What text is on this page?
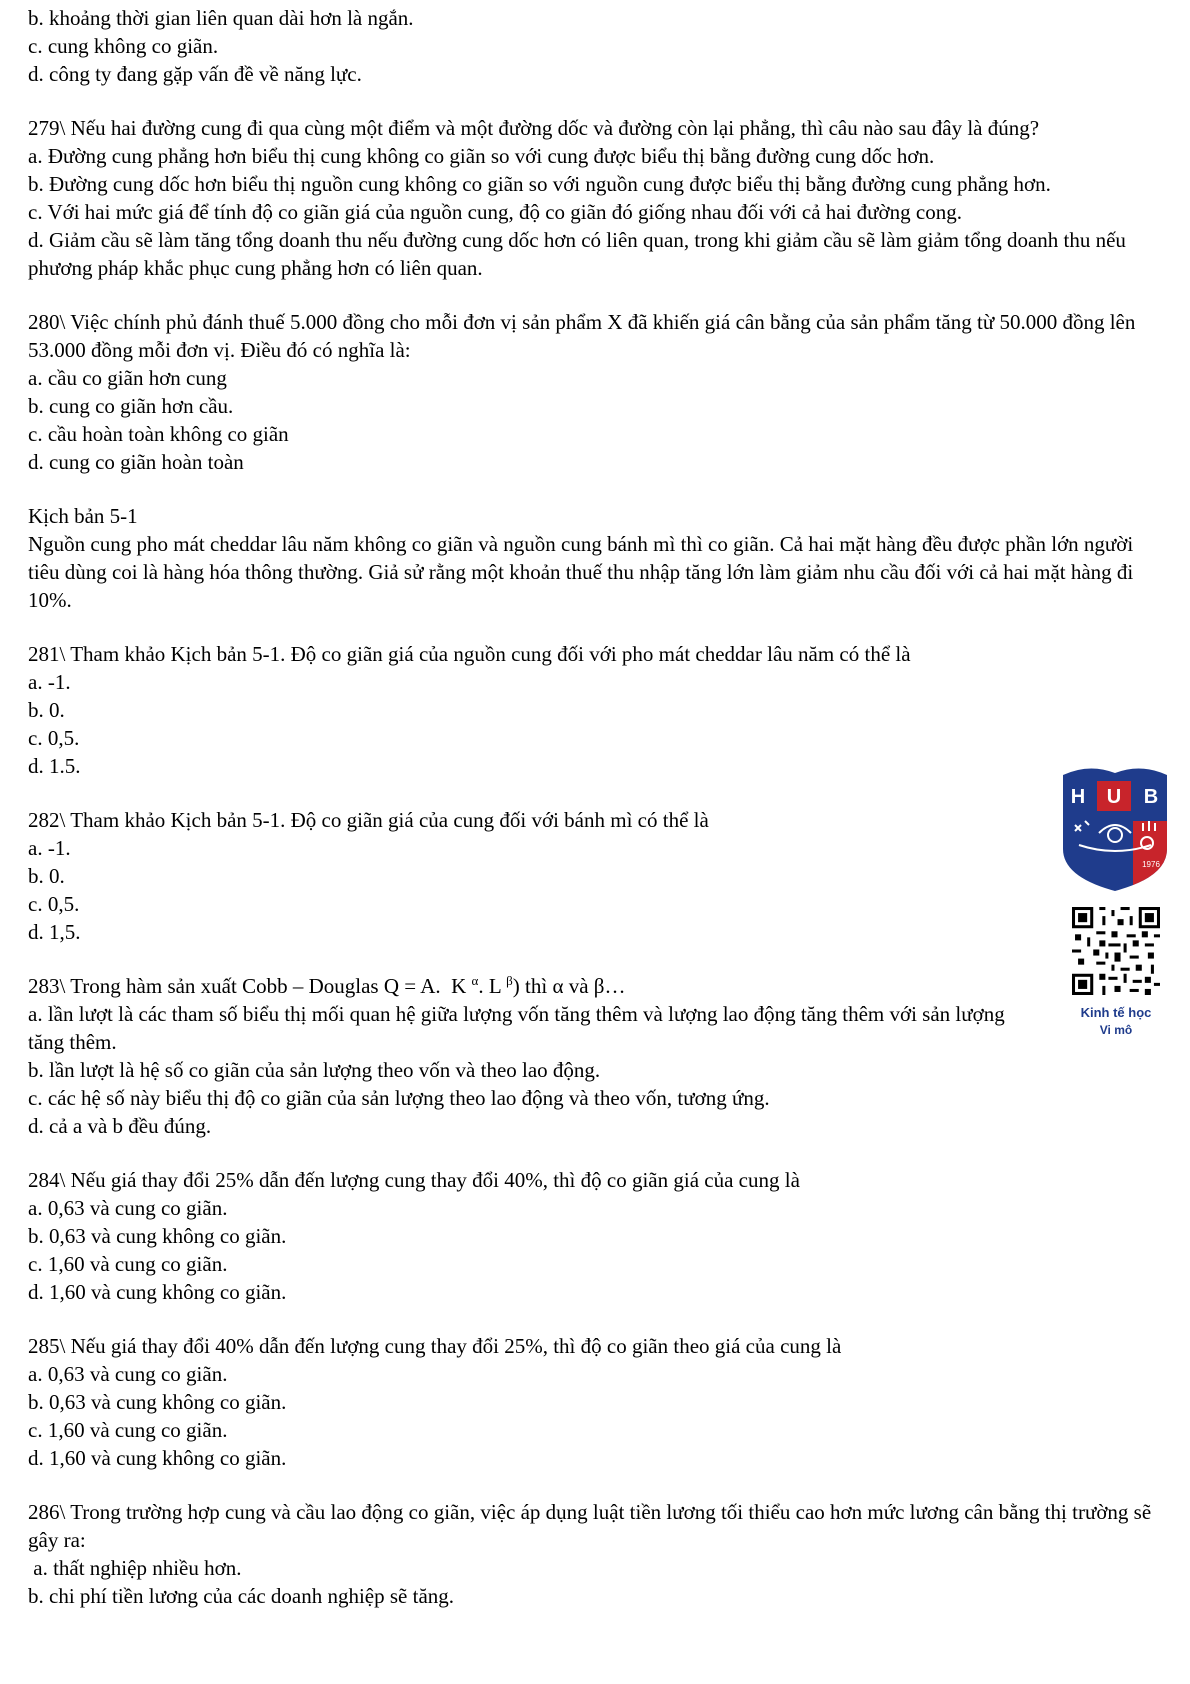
b. khoảng thời gian liên quan dài hơn là ngắn.

c. cung không co giãn.

d. công ty đang gặp vấn đề về năng lực.

279\ Nếu hai đường cung đi qua cùng một điểm và một đường dốc và đường còn lại phẳng, thì câu nào sau đây là đúng?

a. Đường cung phẳng hơn biểu thị cung không co giãn so với cung được biểu thị bằng đường cung dốc hơn.

b. Đường cung dốc hơn biểu thị nguồn cung không co giãn so với nguồn cung được biểu thị bằng đường cung phẳng hơn.

c. Với hai mức giá để tính độ co giãn giá của nguồn cung, độ co giãn đó giống nhau đối với cả hai đường cong.

d. Giảm cầu sẽ làm tăng tổng doanh thu nếu đường cung dốc hơn có liên quan, trong khi giảm cầu sẽ làm giảm tổng doanh thu nếu phương pháp khắc phục cung phẳng hơn có liên quan.

280\ Việc chính phủ đánh thuế 5.000 đồng cho mỗi đơn vị sản phẩm X đã khiến giá cân bằng của sản phẩm tăng từ 50.000 đồng lên 53.000 đồng mỗi đơn vị. Điều đó có nghĩa là:

a. cầu co giãn hơn cung

b. cung co giãn hơn cầu.

c. cầu hoàn toàn không co giãn

d. cung co giãn hoàn toàn

Kịch bản 5-1

Nguồn cung pho mát cheddar lâu năm không co giãn và nguồn cung bánh mì thì co giãn. Cả hai mặt hàng đều được phần lớn người tiêu dùng coi là hàng hóa thông thường. Giả sử rằng một khoản thuế thu nhập tăng lớn làm giảm nhu cầu đối với cả hai mặt hàng đi 10%.

281\ Tham khảo Kịch bản 5-1. Độ co giãn giá của nguồn cung đối với pho mát cheddar lâu năm có thể là

a. -1.

b. 0.

c. 0,5.

d. 1.5.

282\ Tham khảo Kịch bản 5-1. Độ co giãn giá của cung đối với bánh mì có thể là

a. -1.

b. 0.

c. 0,5.

d. 1,5.

283\ Trong hàm sản xuất Cobb – Douglas Q = A.  K $^\alpha$. L $^\beta$) thì α và β…

a. lần lượt là các tham số biểu thị mối quan hệ giữa lượng vốn tăng thêm và lượng lao động tăng thêm với sản lượng tăng thêm.

b. lần lượt là hệ số co giãn của sản lượng theo vốn và theo lao động.

c. các hệ số này biểu thị độ co giãn của sản lượng theo lao động và theo vốn, tương ứng.

d. cả a và b đều đúng.

284\ Nếu giá thay đổi 25% dẫn đến lượng cung thay đổi 40%, thì độ co giãn giá của cung là

a. 0,63 và cung co giãn.

b. 0,63 và cung không co giãn.

c. 1,60 và cung co giãn.

d. 1,60 và cung không co giãn.

285\ Nếu giá thay đổi 40% dẫn đến lượng cung thay đổi 25%, thì độ co giãn theo giá của cung là

a. 0,63 và cung co giãn.

b. 0,63 và cung không co giãn.

c. 1,60 và cung co giãn.

d. 1,60 và cung không co giãn.

286\ Trong trường hợp cung và cầu lao động co giãn, việc áp dụng luật tiền lương tối thiểu cao hơn mức lương cân bằng thị trường sẽ gây ra:

a. thất nghiệp nhiều hơn.

b. chi phí tiền lương của các doanh nghiệp sẽ tăng.

H U B
1976
Kinh tế học
Vi mô
